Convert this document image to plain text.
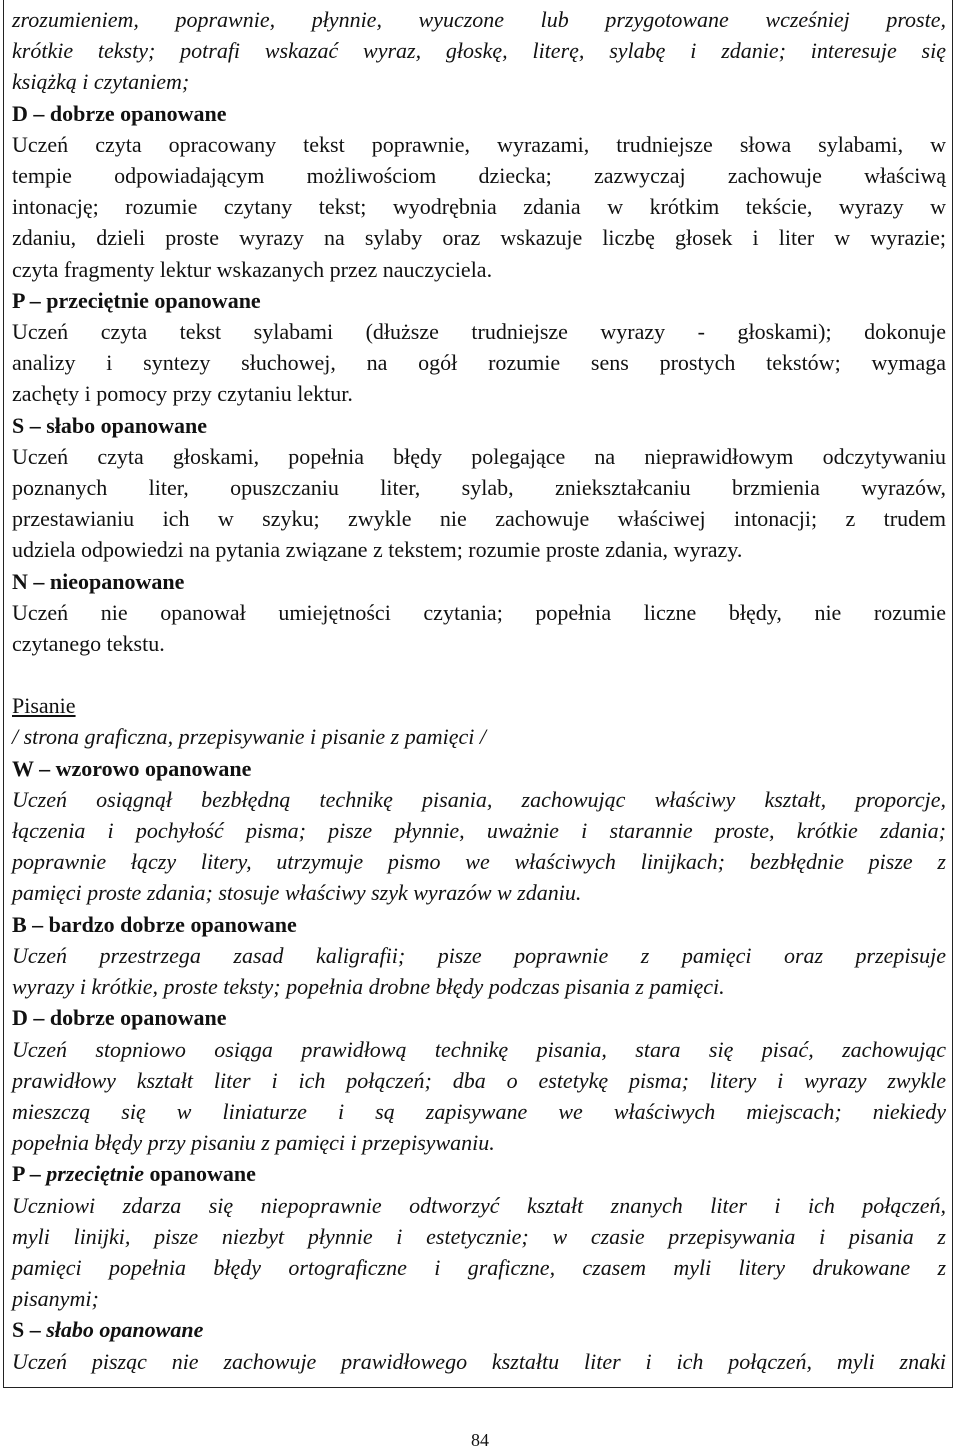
zrozumieniem, poprawnie, płynnie, wyuczone lub przygotowane wcześniej proste,

krótkie teksty; potrafi wskazać wyraz, głoskę, literę, sylabę i zdanie; interesuje się

książką i czytaniem;

D – dobrze opanowane

Uczeń czyta opracowany tekst poprawnie, wyrazami, trudniejsze słowa sylabami, w

tempie odpowiadającym możliwościom dziecka; zazwyczaj zachowuje właściwą

intonację; rozumie czytany tekst; wyodrębnia zdania w krótkim tekście, wyrazy w

zdaniu, dzieli proste wyrazy na sylaby oraz wskazuje liczbę głosek i liter w wyrazie;

czyta fragmenty lektur wskazanych przez nauczyciela.

P – przeciętnie opanowane

Uczeń czyta tekst sylabami (dłuższe trudniejsze wyrazy - głoskami); dokonuje

analizy i syntezy słuchowej, na ogół rozumie sens prostych tekstów; wymaga

zachęty i pomocy przy czytaniu lektur.

S – słabo opanowane

Uczeń czyta głoskami, popełnia błędy polegające na nieprawidłowym odczytywaniu

poznanych liter, opuszczaniu liter, sylab, zniekształcaniu brzmienia wyrazów,

przestawianiu ich w szyku; zwykle nie zachowuje właściwej intonacji; z trudem

udziela odpowiedzi na pytania związane z tekstem; rozumie proste zdania, wyrazy.

N – nieopanowane

Uczeń nie opanował umiejętności czytania; popełnia liczne błędy, nie rozumie

czytanego tekstu.

Pisanie

/ strona graficzna, przepisywanie i pisanie z pamięci /

W – wzorowo opanowane

Uczeń osiągnął bezbłędną technikę pisania, zachowując właściwy kształt, proporcje,

łączenia i pochyłość pisma; pisze płynnie, uważnie i starannie proste, krótkie zdania;

poprawnie łączy litery, utrzymuje pismo we właściwych linijkach; bezbłędnie pisze z

pamięci proste zdania; stosuje właściwy szyk wyrazów w zdaniu.

B – bardzo dobrze opanowane

Uczeń przestrzega zasad kaligrafii; pisze poprawnie z pamięci oraz przepisuje

wyrazy i krótkie, proste teksty; popełnia drobne błędy podczas pisania z pamięci.

D – dobrze opanowane

Uczeń stopniowo osiąga prawidłową technikę pisania, stara się pisać, zachowując

prawidłowy kształt liter i ich połączeń; dba o estetykę pisma; litery i wyrazy zwykle

mieszczą się w liniaturze i są zapisywane we właściwych miejscach; niekiedy

popełnia błędy przy pisaniu z pamięci i przepisywaniu.

P – przeciętnie opanowane

Uczniowi zdarza się niepoprawnie odtworzyć kształt znanych liter i ich połączeń,

myli linijki, pisze niezbyt płynnie i estetycznie; w czasie przepisywania i pisania z

pamięci popełnia błędy ortograficzne i graficzne, czasem myli litery drukowane z

pisanymi;

S – słabo opanowane

Uczeń pisząc nie zachowuje prawidłowego kształtu liter i ich połączeń, myli znaki

84
